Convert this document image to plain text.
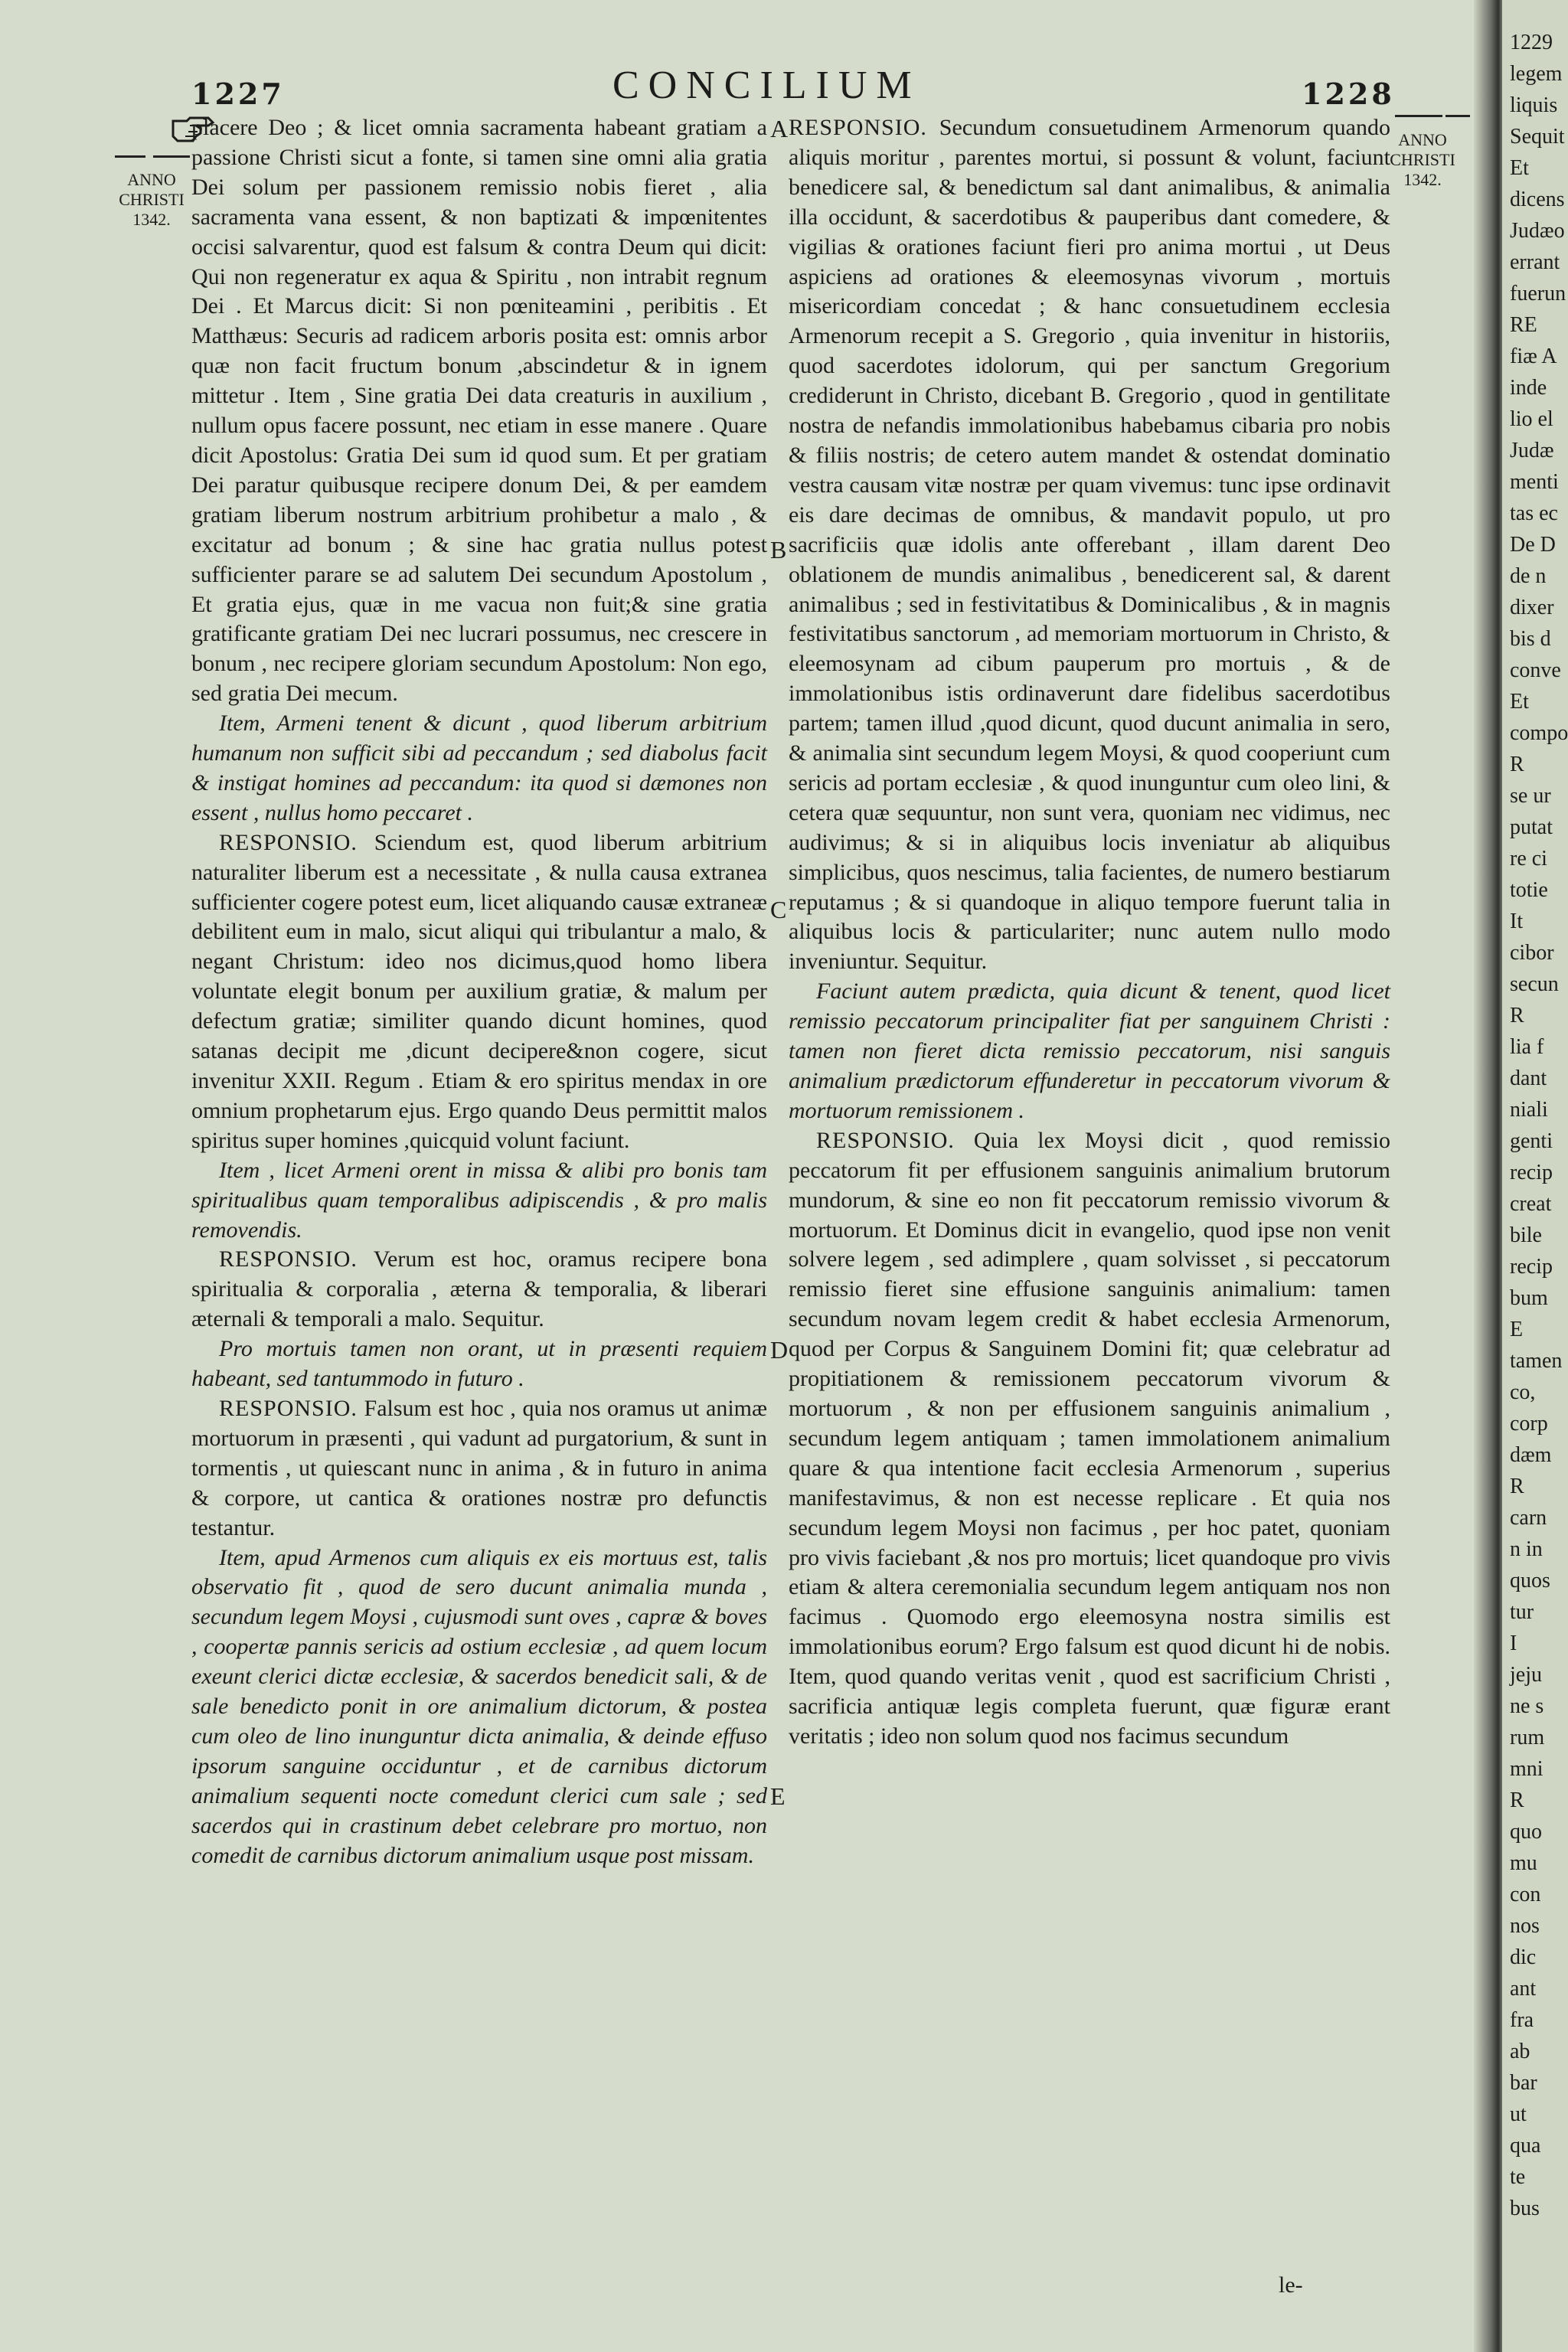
1227	CONCILIUM	1228
ANNO
CHRISTI
1342.
ANNO
CHRISTI
1342.
A
B
C
D
E

placere Deo ; & licet omnia sacramenta habeant gratiam a passione Christi sicut a fonte, si tamen sine omni alia gratia Dei solum per passionem remissio nobis fieret , alia sacramenta vana essent, & non baptizati & impœnitentes occisi salvarentur, quod est falsum & contra Deum qui dicit: Qui non regeneratur ex aqua & Spiritu , non intrabit regnum Dei . Et Marcus dicit: Si non pœniteamini , peribitis . Et Matthæus: Securis ad radicem arboris posita est: omnis arbor quæ non facit fructum bonum ,abscindetur & in ignem mittetur . Item , Sine gratia Dei data creaturis in auxilium , nullum opus facere possunt, nec etiam in esse manere . Quare dicit Apostolus: Gratia Dei sum id quod sum. Et per gratiam Dei paratur quibusque recipere donum Dei, & per eamdem gratiam liberum nostrum arbitrium prohibetur a malo , & excitatur ad bonum ; & sine hac gratia nullus potest sufficienter parare se ad salutem Dei secundum Apostolum , Et gratia ejus, quæ in me vacua non fuit;& sine gratia gratificante gratiam Dei nec lucrari possumus, nec crescere in bonum , nec recipere gloriam secundum Apostolum: Non ego, sed gratia Dei mecum.

Item, Armeni tenent & dicunt , quod liberum arbitrium humanum non sufficit sibi ad peccandum ; sed diabolus facit & instigat homines ad peccandum: ita quod si dæmones non essent , nullus homo peccaret .

RESPONSIO. Sciendum est, quod liberum arbitrium naturaliter liberum est a necessitate , & nulla causa extranea sufficienter cogere potest eum, licet aliquando causæ extraneæ debilitent eum in malo, sicut aliqui qui tribulantur a malo, & negant Christum: ideo nos dicimus,quod homo libera voluntate elegit bonum per auxilium gratiæ, & malum per defectum gratiæ; similiter quando dicunt homines, quod satanas decipit me ,dicunt decipere&non cogere, sicut invenitur XXII. Regum . Etiam & ero spiritus mendax in ore omnium prophetarum ejus. Ergo quando Deus permittit malos spiritus super homines ,quicquid volunt faciunt.

Item , licet Armeni orent in missa & alibi pro bonis tam spiritualibus quam temporalibus adipiscendis , & pro malis removendis.

RESPONSIO. Verum est hoc, oramus recipere bona spiritualia & corporalia , æterna & temporalia, & liberari æternali & temporali a malo. Sequitur.

Pro mortuis tamen non orant, ut in præsenti requiem habeant, sed tantummodo in futuro .

RESPONSIO. Falsum est hoc , quia nos oramus ut animæ mortuorum in præsenti , qui vadunt ad purgatorium, & sunt in tormentis , ut quiescant nunc in anima , & in futuro in anima & corpore, ut cantica & orationes nostræ pro defunctis testantur.

Item, apud Armenos cum aliquis ex eis mortuus est, talis observatio fit , quod de sero ducunt animalia munda , secundum legem Moysi , cujusmodi sunt oves , capræ & boves , coopertæ pannis sericis ad ostium ecclesiæ , ad quem locum exeunt clerici dictæ ecclesiæ, & sacerdos benedicit sali, & de sale benedicto ponit in ore animalium dictorum, & postea cum oleo de lino inunguntur dicta animalia, & deinde effuso ipsorum sanguine occiduntur , et de carnibus dictorum animalium sequenti nocte comedunt clerici cum sale ; sed sacerdos qui in crastinum debet celebrare pro mortuo, non comedit de carnibus dictorum animalium usque post missam.

RESPONSIO. Secundum consuetudinem Armenorum quando aliquis moritur , parentes mortui, si possunt & volunt, faciunt benedicere sal, & benedictum sal dant animalibus, & animalia illa occidunt, & sacerdotibus & pauperibus dant comedere, & vigilias & orationes faciunt fieri pro anima mortui , ut Deus aspiciens ad orationes & eleemosynas vivorum , mortuis misericordiam concedat ; & hanc consuetudinem ecclesia Armenorum recepit a S. Gregorio , quia invenitur in historiis, quod sacerdotes idolorum, qui per sanctum Gregorium crediderunt in Christo, dicebant B. Gregorio , quod in gentilitate nostra de nefandis immolationibus habebamus cibaria pro nobis & filiis nostris; de cetero autem mandet & ostendat dominatio vestra causam vitæ nostræ per quam vivemus: tunc ipse ordinavit eis dare decimas de omnibus, & mandavit populo, ut pro sacrificiis quæ idolis ante offerebant , illam darent Deo oblationem de mundis animalibus , benedicerent sal, & darent animalibus ; sed in festivitatibus & Dominicalibus , & in magnis festivitatibus sanctorum , ad memoriam mortuorum in Christo, & eleemosynam ad cibum pauperum pro mortuis , & de immolationibus istis ordinaverunt dare fidelibus sacerdotibus partem; tamen illud ,quod dicunt, quod ducunt animalia in sero, & animalia sint secundum legem Moysi, & quod cooperiunt cum sericis ad portam ecclesiæ , & quod inunguntur cum oleo lini, & cetera quæ sequuntur, non sunt vera, quoniam nec vidimus, nec audivimus; & si in aliquibus locis inveniatur ab aliquibus simplicibus, quos nescimus, talia facientes, de numero bestiarum reputamus ; & si quandoque in aliquo tempore fuerunt talia in aliquibus locis & particulariter; nunc autem nullo modo inveniuntur. Sequitur.

Faciunt autem prædicta, quia dicunt & tenent, quod licet remissio peccatorum principaliter fiat per sanguinem Christi : tamen non fieret dicta remissio peccatorum, nisi sanguis animalium prædictorum effunderetur in peccatorum vivorum & mortuorum remissionem .

RESPONSIO. Quia lex Moysi dicit , quod remissio peccatorum fit per effusionem sanguinis animalium brutorum mundorum, & sine eo non fit peccatorum remissio vivorum & mortuorum. Et Dominus dicit in evangelio, quod ipse non venit solvere legem , sed adimplere , quam solvisset , si peccatorum remissio fieret sine effusione sanguinis animalium: tamen secundum novam legem credit & habet ecclesia Armenorum, quod per Corpus & Sanguinem Domini fit; quæ celebratur ad propitiationem & remissionem peccatorum vivorum & mortuorum , & non per effusionem sanguinis animalium , secundum legem antiquam ; tamen immolationem animalium quare & qua intentione facit ecclesia Armenorum , superius manifestavimus, & non est necesse replicare . Et quia nos secundum legem Moysi non facimus , per hoc patet, quoniam pro vivis faciebant ,& nos pro mortuis; licet quandoque pro vivis etiam & altera ceremonialia secundum legem antiquam nos non facimus . Quomodo ergo eleemosyna nostra similis est immolationibus eorum? Ergo falsum est quod dicunt hi de nobis. Item, quod quando veritas venit , quod est sacrificium Christi , sacrificia antiquæ legis completa fuerunt, quæ figuræ erant veritatis ; ideo non solum quod nos facimus secundum

le-
1229
legem
liquis
Sequit
Et
dicens
Judæo
errant
fuerun
RE
fiæ A
inde
lio el
Judæ
menti
tas ec
De D
de n
dixer
bis d
conve
Et
compo
R
se ur
putat
re ci
totie
It
cibor
secun
R
lia f
dant
niali
genti
recip
creat
bile
recip
bum
E
tamen
co,
corp
dæm
R
carn
n in
quos
tur
I
jeju
ne s
rum
mni
R
quo
mu
con
nos
dic
ant
fra
ab
bar
ut
qua
te
bus
